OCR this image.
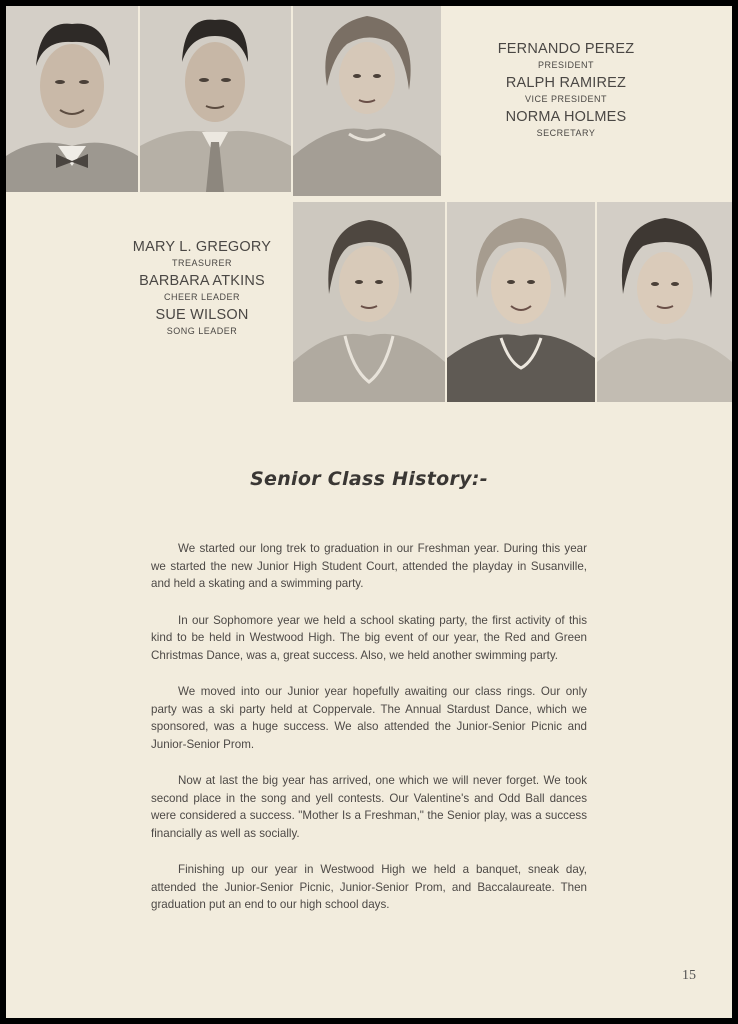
FERNANDO PEREZ
PRESIDENT
RALPH RAMIREZ
VICE PRESIDENT
NORMA HOLMES
SECRETARY
MARY L. GREGORY
TREASURER
BARBARA ATKINS
CHEER LEADER
SUE WILSON
SONG LEADER
Senior Class History:-

We started our long trek to graduation in our Freshman year. During this year we started the new Junior High Student Court, attended the playday in Susanville, and held a skating and a swimming party.

In our Sophomore year we held a school skating party, the first activity of this kind to be held in Westwood High. The big event of our year, the Red and Green Christmas Dance, was a, great success. Also, we held another swimming party.

We moved into our Junior year hopefully awaiting our class rings. Our only party was a ski party held at Coppervale. The Annual Stardust Dance, which we sponsored, was a huge success. We also attended the Junior-Senior Picnic and Junior-Senior Prom.

Now at last the big year has arrived, one which we will never forget. We took second place in the song and yell contests. Our Valentine's and Odd Ball dances were considered a success. "Mother Is a Freshman," the Senior play, was a success financially as well as socially.

Finishing up our year in Westwood High we held a banquet, sneak day, attended the Junior-Senior Picnic, Junior-Senior Prom, and Baccalaureate. Then graduation put an end to our high school days.

15
